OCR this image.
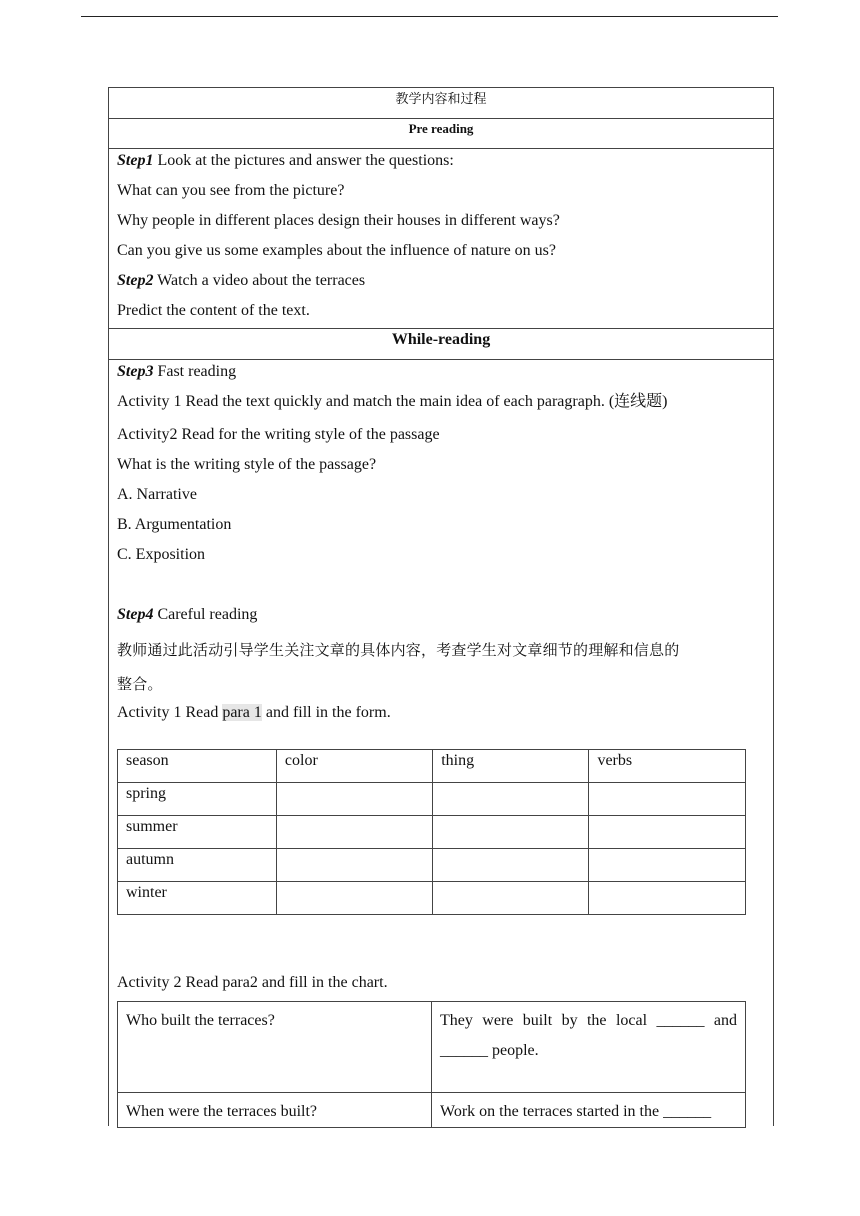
教学内容和过程
Pre reading
Step1 Look at the pictures and answer the questions:
What can you see from the picture?
Why people in different places design their houses in different ways?
Can you give us some examples about the influence of nature on us?
Step2 Watch a video about the terraces
Predict the content of the text.
While-reading
Step3 Fast reading
Activity 1 Read the text quickly and match the main idea of each paragraph. (连线题)
Activity2 Read for the writing style of the passage
What is the writing style of the passage?
A. Narrative
B. Argumentation
C. Exposition
Step4 Careful reading
教师通过此活动引导学生关注文章的具体内容，考查学生对文章细节的理解和信息的
整合。
Activity 1 Read para 1 and fill in the form.
season	color	thing	verbs
spring			
summer			
autumn			
winter			
Activity 2 Read para2 and fill in the chart.
Who built the terraces?	They were built by the local ______ and ______ people.
When were the terraces built?	Work on the terraces started in the ______
